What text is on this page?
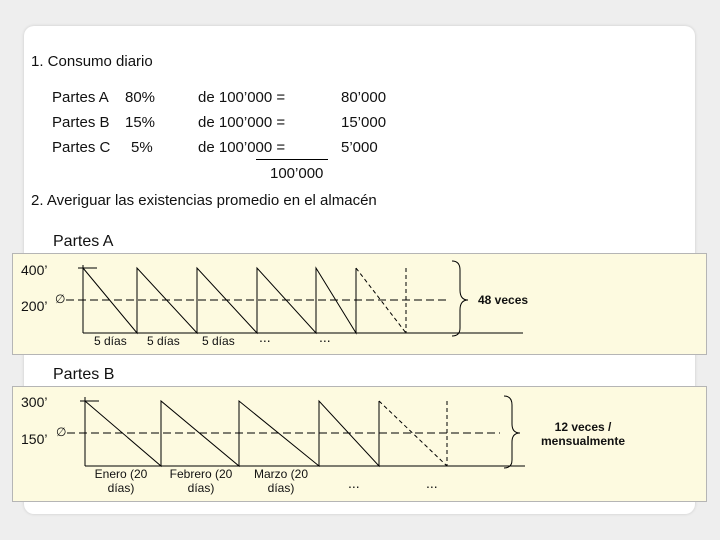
1. Consumo diario
Partes A 80%	de 100’000 =	80’000
Partes B 15%	de 100’000 =	15’000
Partes C 5%	de 100’000 =	5’000
100’000
2. Averiguar las existencias promedio en el almacén
Partes A
Partes B
400’
200’ ∅
5 días 5 días 5 días ...	...
48 veces
300’
150’ ∅
Enero (20 días)
Febrero (20 días)
Marzo (20 días)	...	...
12 veces / mensualmente
